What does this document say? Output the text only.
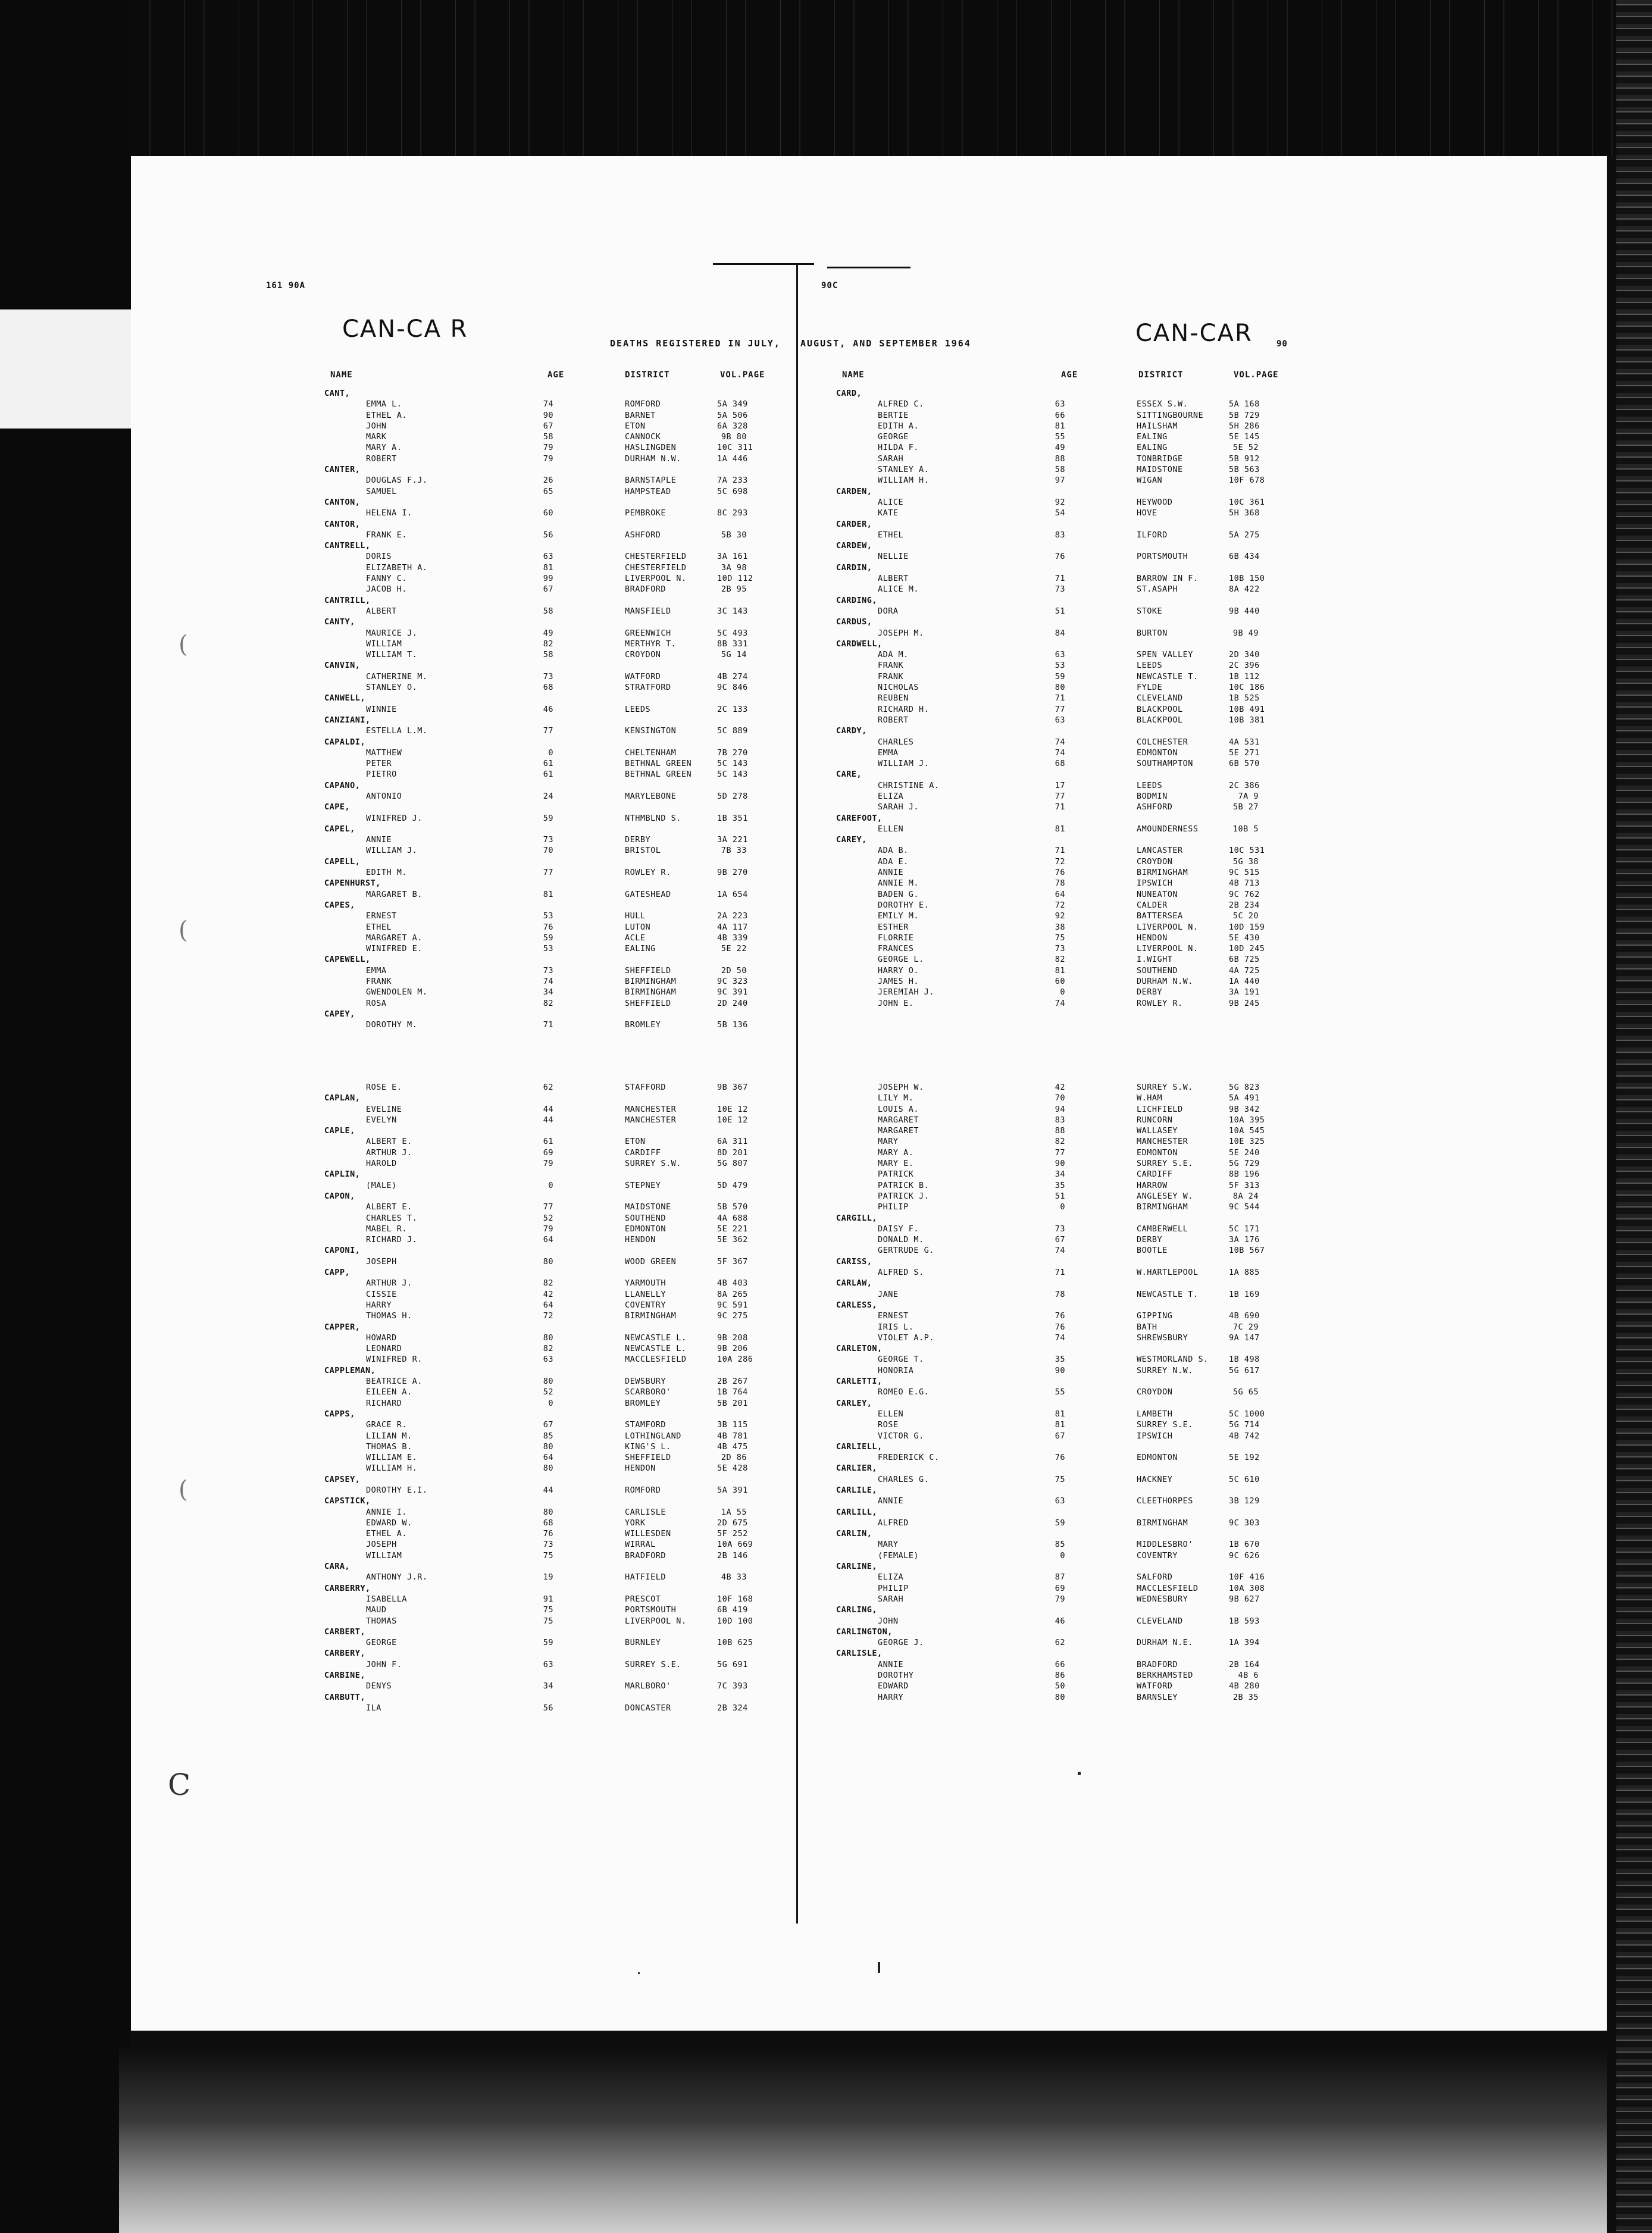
161 90A	90C
CAN-CA R	CAN-CAR	90
DEATHS REGISTERED IN JULY, AUGUST, AND SEPTEMBER 1964
NAME	AGE	DISTRICT	VOL.PAGE	NAME	AGE	DISTRICT	VOL.PAGE
CANT,
EMMA L.	74	ROMFORD	5A 349
ETHEL A.	90	BARNET	5A 506
JOHN	67	ETON	6A 328
MARK	58	CANNOCK	9B 80
MARY A.	79	HASLINGDEN	10C 311
ROBERT	79	DURHAM N.W.	1A 446
CANTER,
DOUGLAS F.J.	26	BARNSTAPLE	7A 233
SAMUEL	65	HAMPSTEAD	5C 698
CANTON,
HELENA I.	60	PEMBROKE	8C 293
CANTOR,
FRANK E.	56	ASHFORD	5B 30
CANTRELL,
DORIS	63	CHESTERFIELD	3A 161
ELIZABETH A.	81	CHESTERFIELD	3A 98
FANNY C.	99	LIVERPOOL N.	10D 112
JACOB H.	67	BRADFORD	2B 95
CANTRILL,
ALBERT	58	MANSFIELD	3C 143
CANTY,
MAURICE J.	49	GREENWICH	5C 493
WILLIAM	82	MERTHYR T.	8B 331
WILLIAM T.	58	CROYDON	5G 14
CANVIN,
CATHERINE M.	73	WATFORD	4B 274
STANLEY O.	68	STRATFORD	9C 846
CANWELL,
WINNIE	46	LEEDS	2C 133
CANZIANI,
ESTELLA L.M.	77	KENSINGTON	5C 889
CAPALDI,
MATTHEW	0	CHELTENHAM	7B 270
PETER	61	BETHNAL GREEN	5C 143
PIETRO	61	BETHNAL GREEN	5C 143
CAPANO,
ANTONIO	24	MARYLEBONE	5D 278
CAPE,
WINIFRED J.	59	NTHMBLND S.	1B 351
CAPEL,
ANNIE	73	DERBY	3A 221
WILLIAM J.	70	BRISTOL	7B 33
CAPELL,
EDITH M.	77	ROWLEY R.	9B 270
CAPENHURST,
MARGARET B.	81	GATESHEAD	1A 654
CAPES,
ERNEST	53	HULL	2A 223
ETHEL	76	LUTON	4A 117
MARGARET A.	59	ACLE	4B 339
WINIFRED E.	53	EALING	5E 22
CAPEWELL,
EMMA	73	SHEFFIELD	2D 50
FRANK	74	BIRMINGHAM	9C 323
GWENDOLEN M.	34	BIRMINGHAM	9C 391
ROSA	82	SHEFFIELD	2D 240
CAPEY,
DOROTHY M.	71	BROMLEY	5B 136
CARD,
ALFRED C.	63	ESSEX S.W.	5A 168
BERTIE	66	SITTINGBOURNE	5B 729
EDITH A.	81	HAILSHAM	5H 286
GEORGE	55	EALING	5E 145
HILDA F.	49	EALING	5E 52
SARAH	88	TONBRIDGE	5B 912
STANLEY A.	58	MAIDSTONE	5B 563
WILLIAM H.	97	WIGAN	10F 678
CARDEN,
ALICE	92	HEYWOOD	10C 361
KATE	54	HOVE	5H 368
CARDER,
ETHEL	83	ILFORD	5A 275
CARDEW,
NELLIE	76	PORTSMOUTH	6B 434
CARDIN,
ALBERT	71	BARROW IN F.	10B 150
ALICE M.	73	ST.ASAPH	8A 422
CARDING,
DORA	51	STOKE	9B 440
CARDUS,
JOSEPH M.	84	BURTON	9B 49
CARDWELL,
ADA M.	63	SPEN VALLEY	2D 340
FRANK	53	LEEDS	2C 396
FRANK	59	NEWCASTLE T.	1B 112
NICHOLAS	80	FYLDE	10C 186
REUBEN	71	CLEVELAND	1B 525
RICHARD H.	77	BLACKPOOL	10B 491
ROBERT	63	BLACKPOOL	10B 381
CARDY,
CHARLES	74	COLCHESTER	4A 531
EMMA	74	EDMONTON	5E 271
WILLIAM J.	68	SOUTHAMPTON	6B 570
CARE,
CHRISTINE A.	17	LEEDS	2C 386
ELIZA	77	BODMIN	7A 9
SARAH J.	71	ASHFORD	5B 27
CAREFOOT,
ELLEN	81	AMOUNDERNESS	10B 5
CAREY,
ADA B.	71	LANCASTER	10C 531
ADA E.	72	CROYDON	5G 38
ANNIE	76	BIRMINGHAM	9C 515
ANNIE M.	78	IPSWICH	4B 713
BADEN G.	64	NUNEATON	9C 762
DOROTHY E.	72	CALDER	2B 234
EMILY M.	92	BATTERSEA	5C 20
ESTHER	38	LIVERPOOL N.	10D 159
FLORRIE	75	HENDON	5E 430
FRANCES	73	LIVERPOOL N.	10D 245
GEORGE L.	82	I.WIGHT	6B 725
HARRY O.	81	SOUTHEND	4A 725
JAMES H.	60	DURHAM N.W.	1A 440
JEREMIAH J.	0	DERBY	3A 191
JOHN E.	74	ROWLEY R.	9B 245
ROSE E.	62	STAFFORD	9B 367
CAPLAN,
EVELINE	44	MANCHESTER	10E 12
EVELYN	44	MANCHESTER	10E 12
CAPLE,
ALBERT E.	61	ETON	6A 311
ARTHUR J.	69	CARDIFF	8D 201
HAROLD	79	SURREY S.W.	5G 807
CAPLIN,
(MALE)	0	STEPNEY	5D 479
CAPON,
ALBERT E.	77	MAIDSTONE	5B 570
CHARLES T.	52	SOUTHEND	4A 688
MABEL R.	79	EDMONTON	5E 221
RICHARD J.	64	HENDON	5E 362
CAPONI,
JOSEPH	80	WOOD GREEN	5F 367
CAPP,
ARTHUR J.	82	YARMOUTH	4B 403
CISSIE	42	LLANELLY	8A 265
HARRY	64	COVENTRY	9C 591
THOMAS H.	72	BIRMINGHAM	9C 275
CAPPER,
HOWARD	80	NEWCASTLE L.	9B 208
LEONARD	82	NEWCASTLE L.	9B 206
WINIFRED R.	63	MACCLESFIELD	10A 286
CAPPLEMAN,
BEATRICE A.	80	DEWSBURY	2B 267
EILEEN A.	52	SCARBORO'	1B 764
RICHARD	0	BROMLEY	5B 201
CAPPS,
GRACE R.	67	STAMFORD	3B 115
LILIAN M.	85	LOTHINGLAND	4B 781
THOMAS B.	80	KING'S L.	4B 475
WILLIAM E.	64	SHEFFIELD	2D 86
WILLIAM H.	80	HENDON	5E 428
CAPSEY,
DOROTHY E.I.	44	ROMFORD	5A 391
CAPSTICK,
ANNIE I.	80	CARLISLE	1A 55
EDWARD W.	68	YORK	2D 675
ETHEL A.	76	WILLESDEN	5F 252
JOSEPH	73	WIRRAL	10A 669
WILLIAM	75	BRADFORD	2B 146
CARA,
ANTHONY J.R.	19	HATFIELD	4B 33
CARBERRY,
ISABELLA	91	PRESCOT	10F 168
MAUD	75	PORTSMOUTH	6B 419
THOMAS	75	LIVERPOOL N.	10D 100
CARBERT,
GEORGE	59	BURNLEY	10B 625
CARBERY,
JOHN F.	63	SURREY S.E.	5G 691
CARBINE,
DENYS	34	MARLBORO'	7C 393
CARBUTT,
ILA	56	DONCASTER	2B 324
JOSEPH W.	42	SURREY S.W.	5G 823
LILY M.	70	W.HAM	5A 491
LOUIS A.	94	LICHFIELD	9B 342
MARGARET	83	RUNCORN	10A 395
MARGARET	88	WALLASEY	10A 545
MARY	82	MANCHESTER	10E 325
MARY A.	77	EDMONTON	5E 240
MARY E.	90	SURREY S.E.	5G 729
PATRICK	34	CARDIFF	8B 196
PATRICK B.	35	HARROW	5F 313
PATRICK J.	51	ANGLESEY W.	8A 24
PHILIP	0	BIRMINGHAM	9C 544
CARGILL,
DAISY F.	73	CAMBERWELL	5C 171
DONALD M.	67	DERBY	3A 176
GERTRUDE G.	74	BOOTLE	10B 567
CARISS,
ALFRED S.	71	W.HARTLEPOOL	1A 885
CARLAW,
JANE	78	NEWCASTLE T.	1B 169
CARLESS,
ERNEST	76	GIPPING	4B 690
IRIS L.	76	BATH	7C 29
VIOLET A.P.	74	SHREWSBURY	9A 147
CARLETON,
GEORGE T.	35	WESTMORLAND S.	1B 498
HONORIA	90	SURREY N.W.	5G 617
CARLETTI,
ROMEO E.G.	55	CROYDON	5G 65
CARLEY,
ELLEN	81	LAMBETH	5C 1000
ROSE	81	SURREY S.E.	5G 714
VICTOR G.	67	IPSWICH	4B 742
CARLIELL,
FREDERICK C.	76	EDMONTON	5E 192
CARLIER,
CHARLES G.	75	HACKNEY	5C 610
CARLILE,
ANNIE	63	CLEETHORPES	3B 129
CARLILL,
ALFRED	59	BIRMINGHAM	9C 303
CARLIN,
MARY	85	MIDDLESBRO'	1B 670
(FEMALE)	0	COVENTRY	9C 626
CARLINE,
ELIZA	87	SALFORD	10F 416
PHILIP	69	MACCLESFIELD	10A 308
SARAH	79	WEDNESBURY	9B 627
CARLING,
JOHN	46	CLEVELAND	1B 593
CARLINGTON,
GEORGE J.	62	DURHAM N.E.	1A 394
CARLISLE,
ANNIE	66	BRADFORD	2B 164
DOROTHY	86	BERKHAMSTED	4B 6
EDWARD	50	WATFORD	4B 280
HARRY	80	BARNSLEY	2B 35
(
(
(
C
